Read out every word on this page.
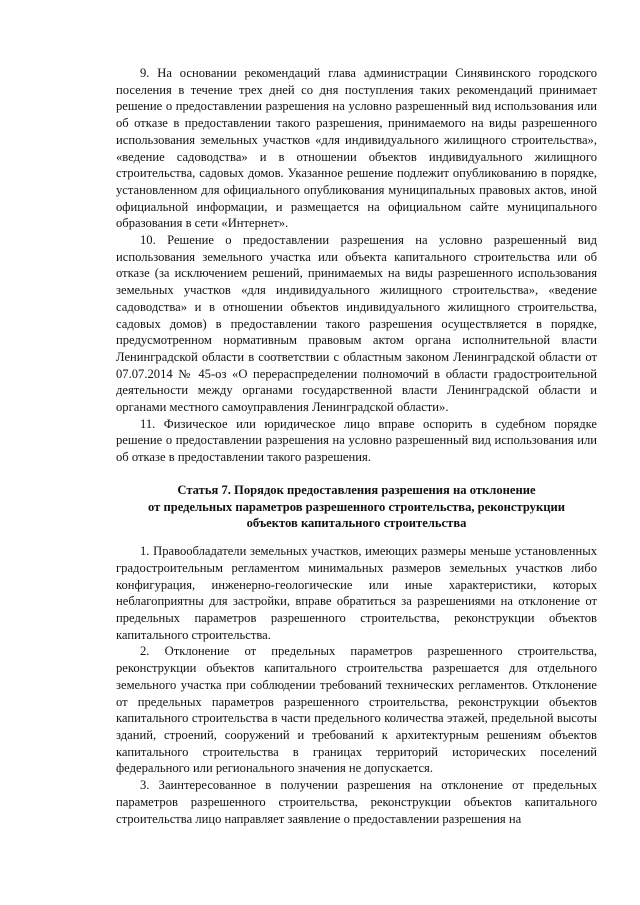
9. На основании рекомендаций глава администрации Синявинского городского поселения в течение трех дней со дня поступления таких рекомендаций принимает решение о предоставлении разрешения на условно разрешенный вид использования или об отказе в предоставлении такого разрешения, принимаемого на виды разрешенного использования земельных участков «для индивидуального жилищного строительства», «ведение садоводства» и в отношении объектов индивидуального жилищного строительства, садовых домов. Указанное решение подлежит опубликованию в порядке, установленном для официального опубликования муниципальных правовых актов, иной официальной информации, и размещается на официальном сайте муниципального образования в сети «Интернет».

10. Решение о предоставлении разрешения на условно разрешенный вид использования земельного участка или объекта капитального строительства или об отказе (за исключением решений, принимаемых на виды разрешенного использования земельных участков «для индивидуального жилищного строительства», «ведение садоводства» и в отношении объектов индивидуального жилищного строительства, садовых домов) в предоставлении такого разрешения осуществляется в порядке, предусмотренном нормативным правовым актом органа исполнительной власти Ленинградской области в соответствии с областным законом Ленинградской области от 07.07.2014 № 45-оз «О перераспределении полномочий в области градостроительной деятельности между органами государственной власти Ленинградской области и органами местного самоуправления Ленинградской области».

11. Физическое или юридическое лицо вправе оспорить в судебном порядке решение о предоставлении разрешения на условно разрешенный вид использования или об отказе в предоставлении такого разрешения.

Статья 7. Порядок предоставления разрешения на отклонение
от предельных параметров разрешенного строительства, реконструкции
объектов капитального строительства

1. Правообладатели земельных участков, имеющих размеры меньше установленных градостроительным регламентом минимальных размеров земельных участков либо конфигурация, инженерно-геологические или иные характеристики, которых неблагоприятны для застройки, вправе обратиться за разрешениями на отклонение от предельных параметров разрешенного строительства, реконструкции объектов капитального строительства.

2. Отклонение от предельных параметров разрешенного строительства, реконструкции объектов капитального строительства разрешается для отдельного земельного участка при соблюдении требований технических регламентов. Отклонение от предельных параметров разрешенного строительства, реконструкции объектов капитального строительства в части предельного количества этажей, предельной высоты зданий, строений, сооружений и требований к архитектурным решениям объектов капитального строительства в границах территорий исторических поселений федерального или регионального значения не допускается.

3. Заинтересованное в получении разрешения на отклонение от предельных параметров разрешенного строительства, реконструкции объектов капитального строительства лицо направляет заявление о предоставлении разрешения на
